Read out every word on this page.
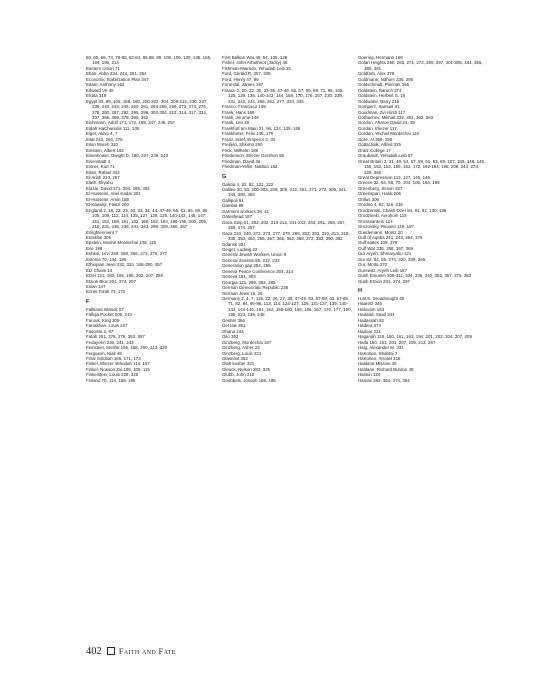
50, 60, 69, 73, 78-80, 82-84, 86-88, 90, 106, 109, 130, 135, 166, 184, 196, 214
Eastern Union 71
Eban, Abba 234, 244, 261, 264
Economic Stabilization Plan 347
Edam, Anthony 162
Edward VII 49
Efrata 319
Egypt 33, 69, 106, 158, 160, 200-202, 204, 208-212, 230, 237, 238, 240, 243, 245, 260, 261, 263-266, 269, 273, 274, 276, 278, 280, 287, 292, 295, 298, 302-304, 313, 314, 317, 334, 337, 366, 369, 378, 390, 392
Eichmann, Adolf 171, 172, 198, 247, 248, 257
Eidah HaCharedis 111, 135
Eiger, Akiva 4, 7
Eilat 243, 264, 376
Eilon Moreh 310
Einstein, Albert 162
Eisenhower, Dwight D. 190, 237, 239, 243
Eisenstadt 4
Eisner, Kurt 71
Eitan, Rafael 342
El-Arish 210, 267
Elath, Eliyahu
Elazar, David 271, 294, 295, 302
El-Husseini, Abel Kadar 201
El-Husseini, Amin 188
El-Kawukji, Fawzi 200
England 2, 18, 22, 23, 30, 33, 34, 44, 47-49, 55, 61, 65, 69, 96, 105, 106, 112, 114, 125, 127, 129, 135, 140-142, 145, 147, 151, 152, 158, 161, 162, 166, 192, 193, 195-196, 200, 209, 210, 231, 236, 239, 241, 243, 298, 329, 366, 367
Enlightenment 7
Entebbe 309
Epstein, Moshe Mordechai 109, 115
Erie 198
Eshkol, Levi 259, 263, 266, 273, 276, 277
Estonia 70, 144, 195
Ethiopian Jews 332, 334, 348-350, 357
Etz Chaim 14
Etzel 131, 183, 194, 195, 202, 207, 259
Etzion Bloc 201, 274, 297
Evian 147
Ezras Torah 73, 172
F
Falkland Islands 57
Falluja Pocket 209, 210
Farouk, King 209
Farrakhan, Louis 257
Fascism 2, 97
Fatah 261, 276, 279, 353, 357
Fedayeen 240, 241, 243
Feinstein, Moshe 155, 158, 290, 313, 320
Ferguson, Niall 49
Final Solution 166, 171, 173
Finkel, Eliezer Yehudah 114, 187
Finkel, Nosson Zvi 108, 109, 115
Finkelstein, Louis 228, 326
Finland 70, 114, 159, 195
First Balkan War 49, 54, 105, 129
Fisher, John Arbuthnot (Jacky) 46
Fishman-Maimon, Yehudah Leib 21
Ford, Gerald R. 307, 336
Ford, Henry 47, 99
Forrestal, James 197
France 2, 20, 22, 30, 33-35, 47-49, 55, 57, 59, 69, 71, 96, 105, 125, 129, 135, 140-142, 144, 158, 170, 176, 207, 230, 239, 241, 243, 244, 255, 262, 277, 333, 335
Franco, Francisco 139
Frank, Hans 169
Frank, Jerome 146
Frank, Leo 48
Frankfurt am Main 21, 96, 124, 125, 156
Frankfurter, Felix 145, 170
Franz Josef, Emperor 2, 32
Freifeld, Shlomo 290
Frick, Wilhelm 189
Friedenson, Eliezer Gershon 66
Friedman, David 36
Friedman-Yellin, Nathan 162
G
Galicia 4, 32, 82, 121, 122
Galilee 30, 53, 200-203, 208, 209, 212, 261, 271, 272, 306, 341, 344, 380, 384
Gallipoli 61
Gambia 98
Garment workers 38, 41
Gateshead 187
Gaza Strip 61, 202, 202, 210-212, 241-243, 263, 261, 266, 267, 269, 274, 287
Gaza 210, 240, 272, 273, 277, 278, 286, 292, 293, 310, 313, 318, 335, 353, 354, 356, 357, 360, 362, 368, 372, 383, 390, 392
Gdansk 331
Geiger, Ludwig 22
General Jewish Workers Union 9
General Zionists 88, 212, 233
Generation gap 254, 255
Geneva Peace Conference 304, 314
Geneva 151, 303
Georgia 121, 289, 352, 385
German Democratic Republic 235
German Jews 16, 26
Germany 2, 4, 7, 115, 22, 26, 27, 30, 47-49, 53, 57-59, 63, 67-69, 71, 82, 84, 95-96, 113, 114, 124-127, 129, 131-137, 139, 140-142, 144-146, 151, 152, 158-160, 165, 166, 167, 170, 177, 190, 195, 223, 235, 248
Gesher 366
Get law 361
Ghana 244
Gilo 393
Ginzberg, Mordechai 187
Ginzberg, Asher 23
Ginzberg, Louis 221
Glasnost 352
Glatt kosher 321
Gleuck, Nelson 283, 325
Glubb, John 210
Goebbels, Joseph 168, 186
Goering, Hermann 168
Golan Heights 260, 263, 271, 272, 295, 297, 301-305, 344, 366, 380, 381
Goldfarb, Alex 378
Goldmann, Nahum 236, 290
Goldschmidt, Pinchas 365
Goldstein, Baruch 374
Goldstein, Herbert S. 19
Goldwater, Barry 215
Gomperz, Samuel 41
Goodman, Zvi Hirsh 117
Gorbachev, Mikhail 332, 352, 362, 363
Gordon, Aharon David 24, 25
Gordon, Eliezer 117
Gordon, Yechiel Mordechai 116
Gore, Al 359, 395
Gottschalk, Alfred 325
Gratz College 17
Graubardt, Yehudah Leib 87
Great Britain 2, 21, 49, 54, 57, 59, 61, 63, 69, 107, 108, 148, 149, 150, 152, 153, 159, 163, 172, 192-194, 196, 206, 244, 273, 329, 366
Great Depression 113, 127, 145, 146
Greece 32, 54, 55, 70, 104, 105, 164, 198
Greenberg, Simon 327
Greenspan, Hank 206
Grillus 306
Grodno 4, 82, 116, 216
Grodzenski, Chaim Ozer 84, 91, 92, 130, 135
Grodzinski, Avrohom 115
Grossvardein 124
Grozovsky, Reuven 119, 187
Guedemann, Moritz 20
Gulf of Aqaba 241, 243, 264, 376
Gulf states 108, 378
Gulf War 336, 358, 367, 369
Gur Aryeh, Shmaryahu 121
Gur 82, 84, 85, 274, 320, 339, 365
Gur, Motta 270
Gurewitz, Aryeh Leib 187
Gush Emunim 309-311, 334, 335, 340, 353, 357, 376, 383
Gush Etzion 201, 274, 297
H
H.M.S. Dreadnought 48
Haaretz 345
Habonim 153
Haddad, Saad 344
Hadassah 52
Hadera 374
Hadoar 221
Haganah 118, 160, 161, 163, 194, 201, 202, 204, 207, 209
Haifa 160, 161, 201, 207, 209, 213, 267
Haig, Alexander M. 331
HaKohen, Shabtai 7
HaKohen, Yisrael 216
Haldane Mission 49
Haldane, Richard Burdon 49
Halmin 124
Hamas 353, 354, 374, 384
402 Faith and Fate
